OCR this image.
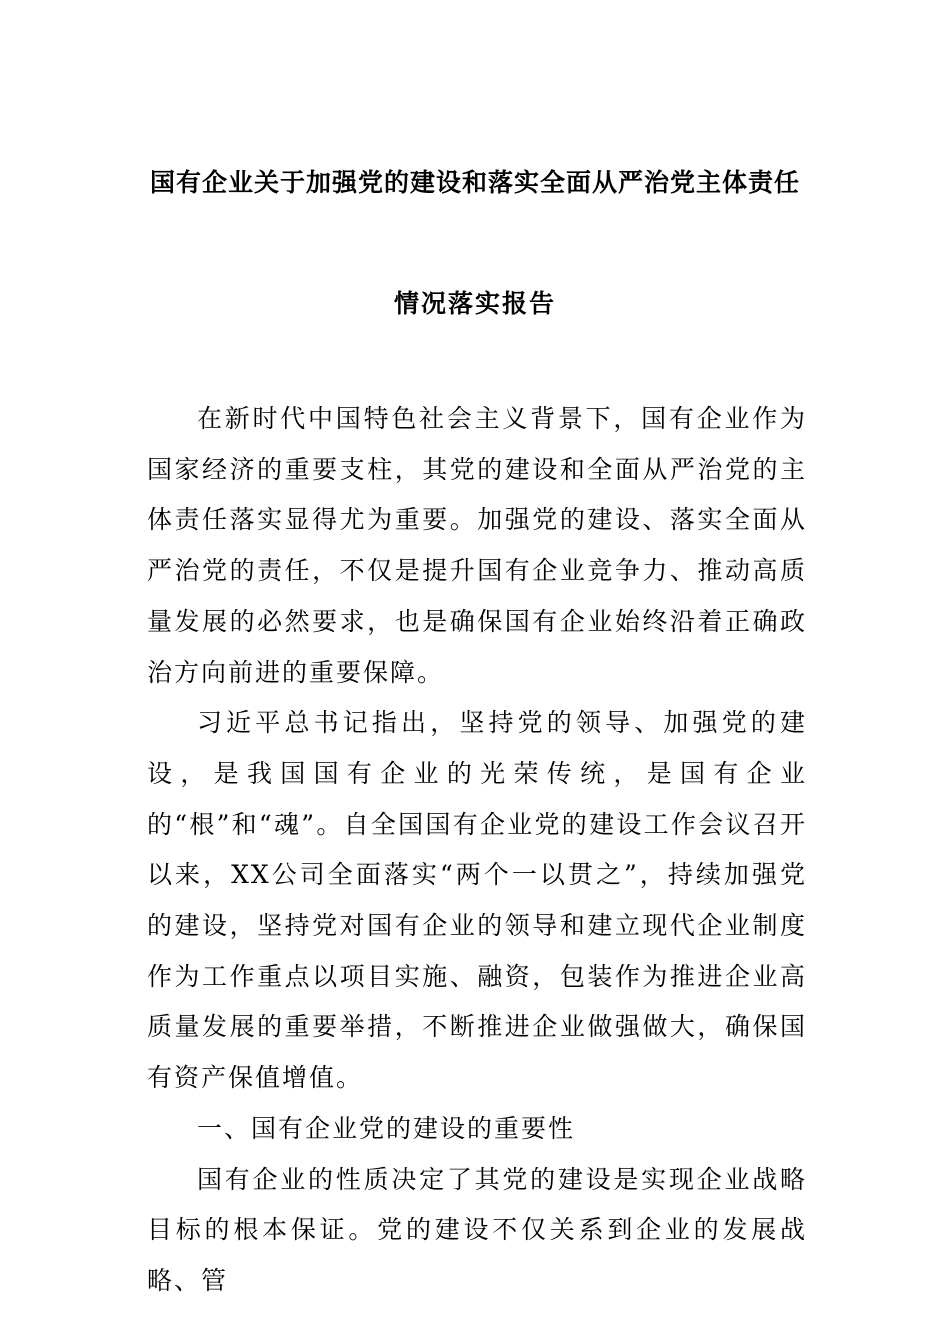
国有企业关于加强党的建设和落实全面从严治党主体责任
情况落实报告

在新时代中国特色社会主义背景下，国有企业作为国家经济的重要支柱，其党的建设和全面从严治党的主体责任落实显得尤为重要。加强党的建设、落实全面从严治党的责任，不仅是提升国有企业竞争力、推动高质量发展的必然要求，也是确保国有企业始终沿着正确政治方向前进的重要保障。

习近平总书记指出，坚持党的领导、加强党的建设，是我国国有企业的光荣传统，是国有企业的“根”和“魂”。自全国国有企业党的建设工作会议召开以来，XX公司全面落实“两个一以贯之”，持续加强党的建设，坚持党对国有企业的领导和建立现代企业制度作为工作重点以项目实施、融资，包装作为推进企业高质量发展的重要举措，不断推进企业做强做大，确保国有资产保值增值。

一、国有企业党的建设的重要性

国有企业的性质决定了其党的建设是实现企业战略目标的根本保证。党的建设不仅关系到企业的发展战略、管
